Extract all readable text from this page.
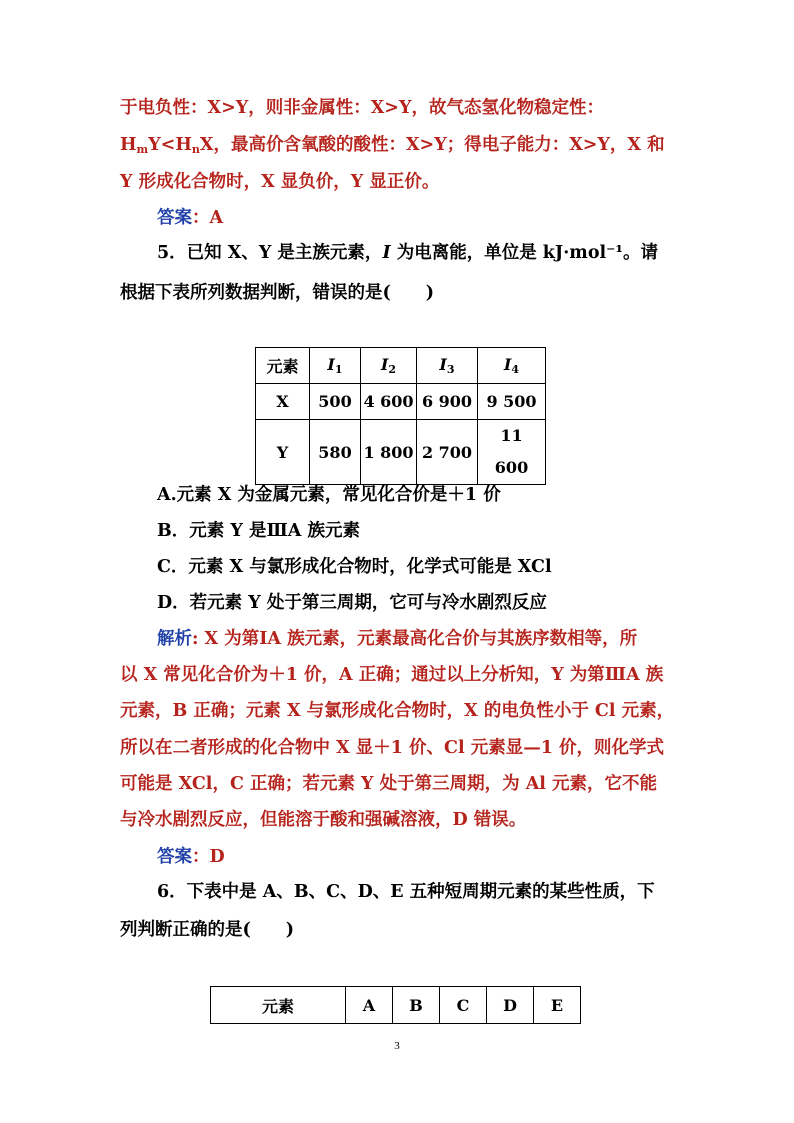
于电负性：X>Y，则非金属性：X>Y，故气态氢化物稳定性：
$H_mY<H_nX$，最高价含氧酸的酸性：X>Y；得电子能力：X>Y，X 和
Y 形成化合物时，X 显负价，Y 显正价。
答案：A
5．已知 X、Y 是主族元素，I 为电离能，单位是 kJ·mol⁻¹。请
根据下表所列数据判断，错误的是(　　)
元素	$I_1$	$I_2$	$I_3$	$I_4$
X	500	4 600	6 900	9 500
Y	580	1 800	2 700	11
600
A.元素 X 为金属元素，常见化合价是＋1 价
B．元素 Y 是ⅢA 族元素
C．元素 X 与氯形成化合物时，化学式可能是 XCl
D．若元素 Y 处于第三周期，它可与冷水剧烈反应
解析: X 为第ⅠA 族元素，元素最高化合价与其族序数相等，所
以 X 常见化合价为＋1 价，A 正确；通过以上分析知，Y 为第ⅢA 族
元素，B 正确；元素 X 与氯形成化合物时，X 的电负性小于 Cl 元素，
所以在二者形成的化合物中 X 显＋1 价、Cl 元素显—1 价，则化学式
可能是 XCl，C 正确；若元素 Y 处于第三周期，为 Al 元素，它不能
与冷水剧烈反应，但能溶于酸和强碱溶液，D 错误。
答案：D
6．下表中是 A、B、C、D、E 五种短周期元素的某些性质，下
列判断正确的是(　　)
元素	A	B	C	D	E
3
